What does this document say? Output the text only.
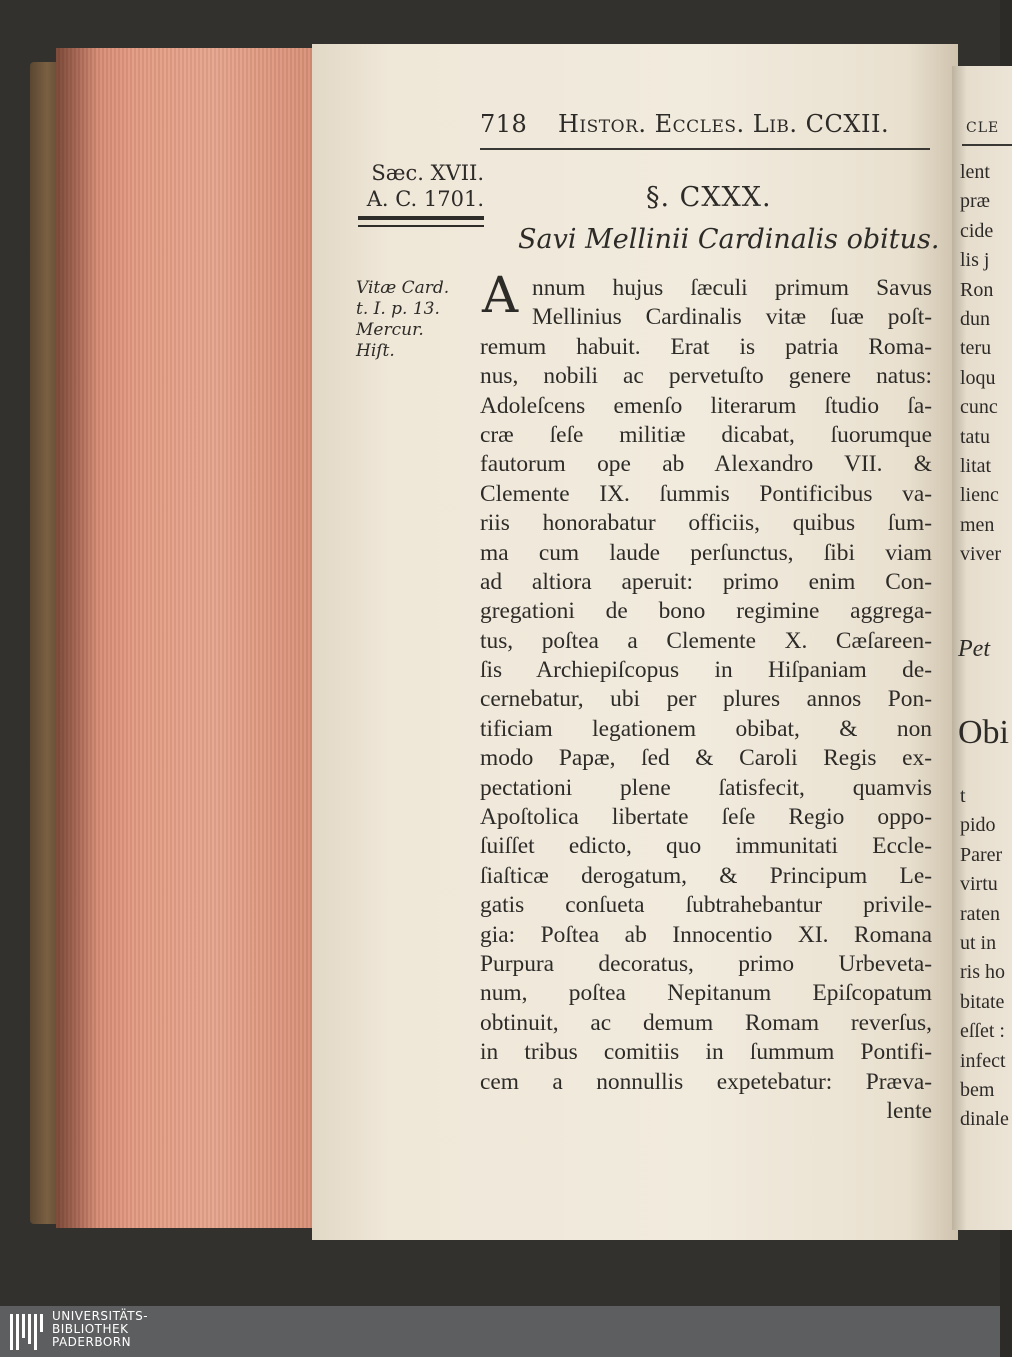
718 Histor. Eccles. Lib. CCXII.
Sæc. XVII.
A. C. 1701.	§. CXXX.
Savi Mellinii Cardinalis obitus.
Vitæ Card.
t. I. p. 13.
Mercur.
Hiſt.
A nnum hujus ſæculi primum Savus
Mellinius Cardinalis vitæ ſuæ poſt-
remum habuit. Erat is patria Roma-
nus, nobili ac pervetuſto genere natus:
Adoleſcens emenſo literarum ſtudio ſa-
cræ ſeſe militiæ dicabat, ſuorumque
fautorum ope ab Alexandro VII. &
Clemente IX. ſummis Pontificibus va-
riis honorabatur officiis, quibus ſum-
ma cum laude perſunctus, ſibi viam
ad altiora aperuit: primo enim Con-
gregationi de bono regimine aggrega-
tus, poſtea a Clemente X. Cæſareen-
ſis Archiepiſcopus in Hiſpaniam de-
cernebatur, ubi per plures annos Pon-
tificiam legationem obibat, & non
modo Papæ, ſed & Caroli Regis ex-
pectationi plene ſatisfecit, quamvis
Apoſtolica libertate ſeſe Regio oppo-
ſuiſſet edicto, quo immunitati Eccle-
ſiaſticæ derogatum, & Principum Le-
gatis conſueta ſubtrahebantur privile-
gia: Poſtea ab Innocentio XI. Romana
Purpura decoratus, primo Urbeveta-
num, poſtea Nepitanum Epiſcopatum
obtinuit, ac demum Romam reverſus,
in tribus comitiis in ſummum Pontifi-
cem a nonnullis expetebatur: Præva-
lente
CLE
lent
præ
cide
lis j
Ron
dun
teru
loqu
cunc
tatu
litat
lienc
men
viver
Pet
Obi
t
pido
Parer
virtu
raten
ut in
ris ho
bitate
eſſet :
infect
bem
dinale
UNIVERSITÄTS-
BIBLIOTHEK
PADERBORN
